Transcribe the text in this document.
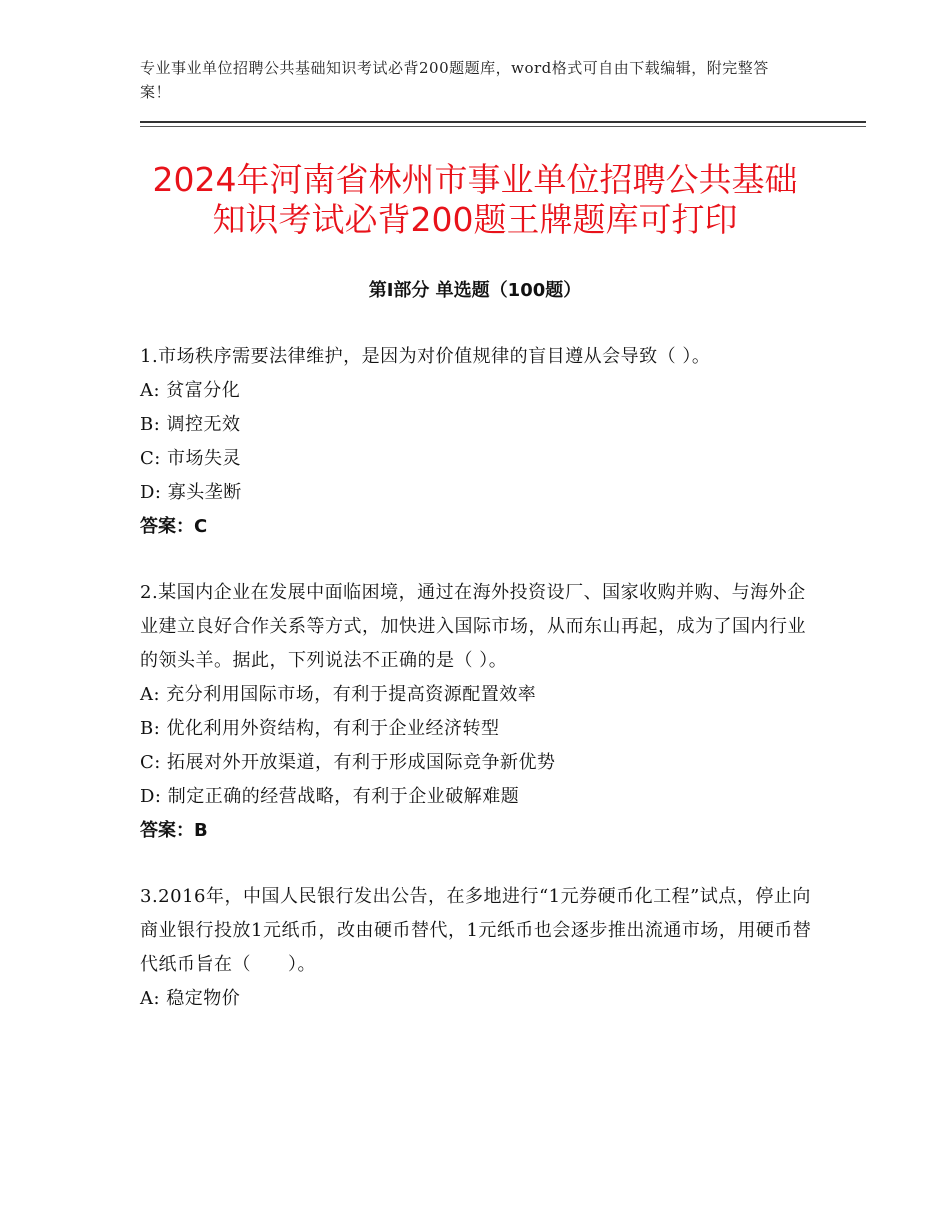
专业事业单位招聘公共基础知识考试必背200题题库，word格式可自由下载编辑，附完整答案！
2024年河南省林州市事业单位招聘公共基础
知识考试必背200题王牌题库可打印
第Ⅰ部分 单选题（100题）
1.市场秩序需要法律维护，是因为对价值规律的盲目遵从会导致（ ）。
A: 贫富分化
B: 调控无效
C: 市场失灵
D: 寡头垄断
答案：C
2.某国内企业在发展中面临困境，通过在海外投资设厂、国家收购并购、与海外企业建立良好合作关系等方式，加快进入国际市场，从而东山再起，成为了国内行业的领头羊。据此，下列说法不正确的是（ ）。
A: 充分利用国际市场，有利于提高资源配置效率
B: 优化利用外资结构，有利于企业经济转型
C: 拓展对外开放渠道，有利于形成国际竞争新优势
D: 制定正确的经营战略，有利于企业破解难题
答案：B
3.2016年，中国人民银行发出公告，在多地进行“1元券硬币化工程”试点，停止向商业银行投放1元纸币，改由硬币替代，1元纸币也会逐步推出流通市场，用硬币替代纸币旨在（　　）。
A: 稳定物价
